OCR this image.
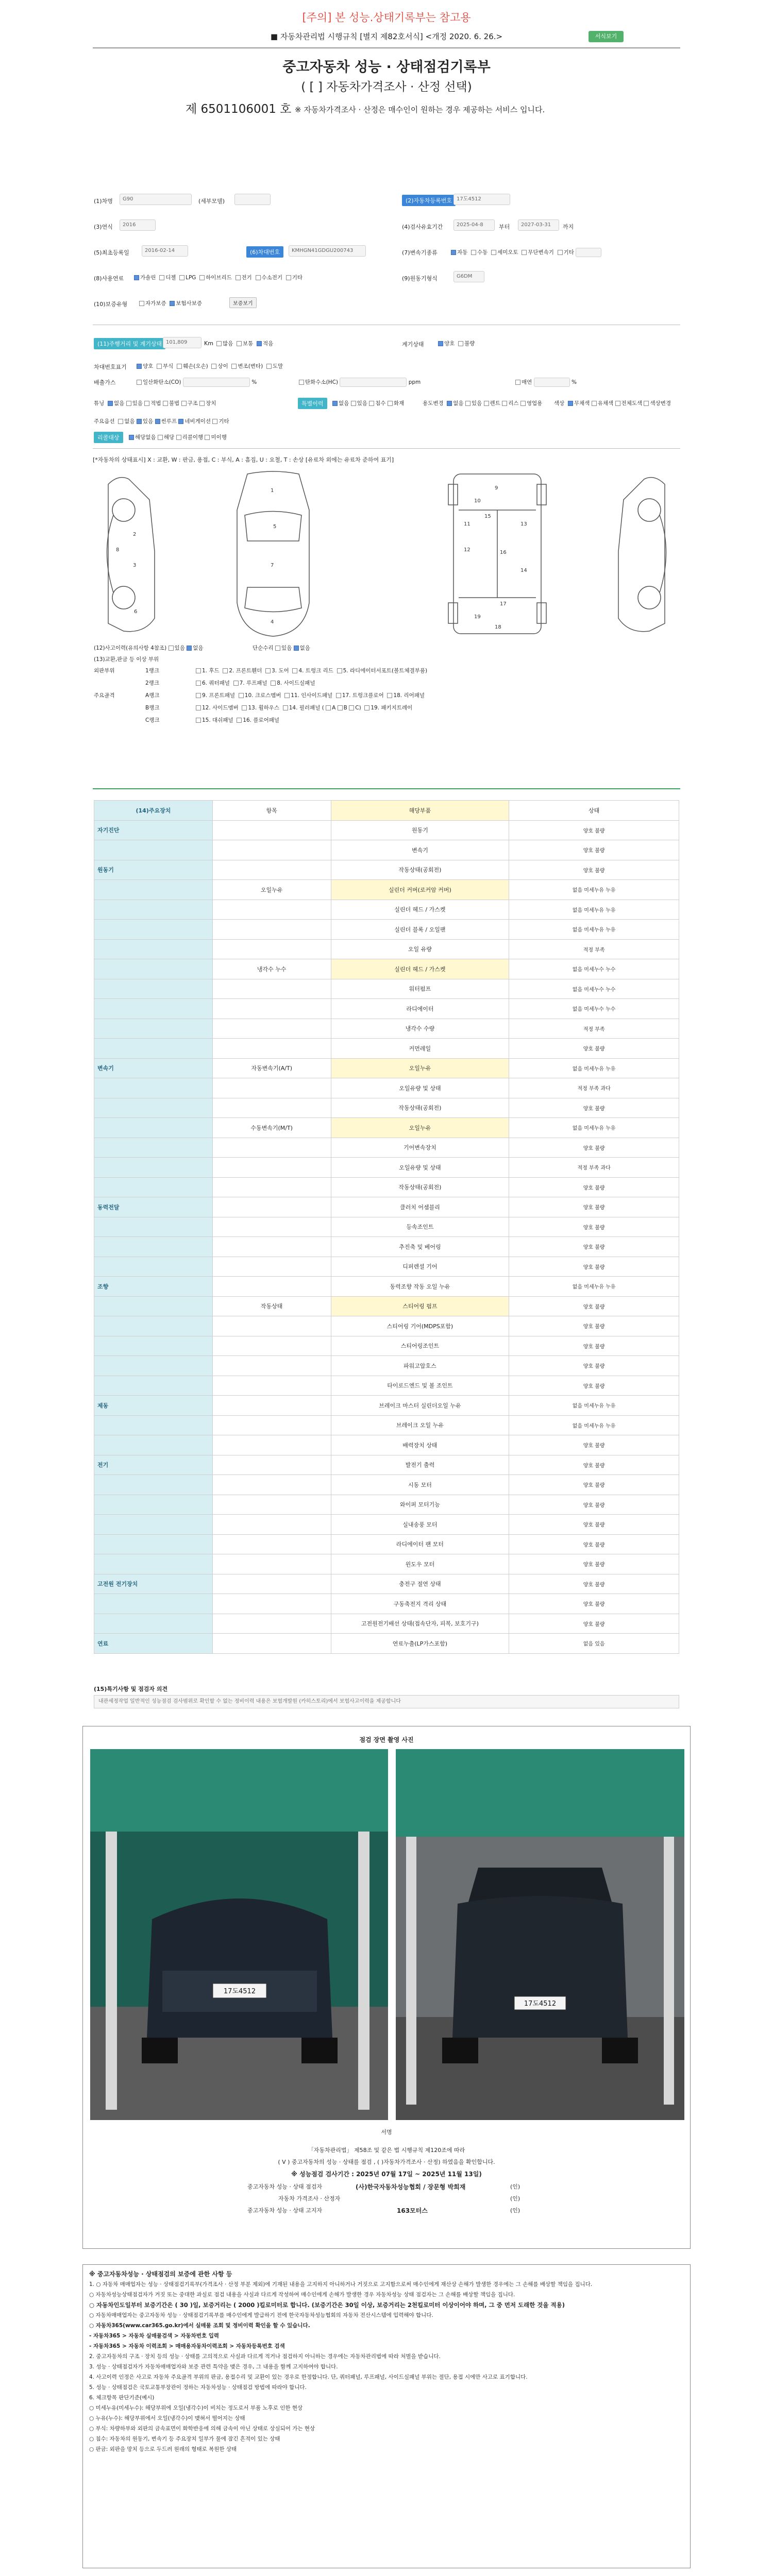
[주의] 본 성능.상태기록부는 참고용
■ 자동차관리법 시행규칙 [별지 제82호서식] <개정 2020. 6. 26.>	서식보기
중고자동차 성능 · 상태점검기록부
( [ ] 자동차가격조사 · 산정 선택)
제 6501106001 호 ※ 자동차가격조사 · 산정은 매수인이 원하는 경우 제공하는 서비스 입니다.
(1)차명	G90	(세부모델)	(2)자동차등록번호 17도4512
(3)연식	2016	(4)검사유효기간	2025-04-8	부터	2027-03-31	까지
(5)최초등록일	2016-02-14	(6)차대번호	KMHGN41GDGU200743	(7)변속기종류	자동 수동 세미오토 무단변속기 기타
(8)사용연료	가솔린 디젤 LPG 하이브리드 전기 수소전기 기타	(9)원동기형식	G6DM
(10)보증유형	자가보증 보험사보증	보증보기
(11)주행거리 및 계기상태 101,809	Km	많음 보통 적음	계기상태	양호 불량
차대번호표기	양호 부식 훼손(오손) 상이 변조(변타) 도말
배출가스	일산화탄소(CO)	%	탄화수소(HC)	ppm	매연	%
튜닝 없음 있음 적법 불법 구조 장치	특별이력	없음 있음 침수 화재	용도변경 없음 있음 렌트 리스 영업용 색상 무채색 유채색 전체도색 색상변경
주요옵션 없음 있음 썬루프 네비게이션 기타
리콜대상	해당없음 해당 리콜이행 미이행
[*자동차의 상태표시] X : 교환, W : 판금, 용접, C : 부식, A : 흠집, U : 요철, T : 손상 [유료차 외에는 유료차 준하여 표기]
1
2
3
4
5
6
7
8
9
10
11
12
13
14
15
16
17
18
19
(12)사고이력(유의사항 4참조) 있음 없음	단순수리 있음 없음
(13)교환,판금 등 이상 부위
외판부위	1랭크	1. 후드 2. 프론트휀더 3. 도어 4. 트렁크 리드 5. 라디에이터서포트(볼트체결부품)
2랭크	6. 쿼터패널 7. 루프패널 8. 사이드실패널
주요골격	A랭크	9. 프론트패널 10. 크로스멤버 11. 인사이드패널 17. 트렁크플로어 18. 리어패널
B랭크	12. 사이드멤버 13. 휠하우스 14. 필러패널 ( A B C) 19. 패키지트레이
C랭크	15. 대쉬패널 16. 플로어패널
(14)주요장치	항목	해당부품	상태
자기진단		원동기	양호 불량
		변속기	양호 불량
원동기		작동상태(공회전)	양호 불량
	오일누유	실린더 커버(로커암 커버)	없음 미세누유 누유
		실린더 헤드 / 가스켓	없음 미세누유 누유
		실린더 블록 / 오일팬	없음 미세누유 누유
		오일 유량	적정 부족
	냉각수 누수	실린더 헤드 / 가스켓	없음 미세누수 누수
		워터펌프	없음 미세누수 누수
		라디에이터	없음 미세누수 누수
		냉각수 수량	적정 부족
		커먼레일	양호 불량
변속기	자동변속기(A/T)	오일누유	없음 미세누유 누유
		오일유량 및 상태	적정 부족 과다
		작동상태(공회전)	양호 불량
	수동변속기(M/T)	오일누유	없음 미세누유 누유
		기어변속장치	양호 불량
		오일유량 및 상태	적정 부족 과다
		작동상태(공회전)	양호 불량
동력전달		클러치 어셈블리	양호 불량
		등속조인트	양호 불량
		추진축 및 베어링	양호 불량
		디퍼렌셜 기어	양호 불량
조향		동력조향 작동 오일 누유	없음 미세누유 누유
	작동상태	스티어링 펌프	양호 불량
		스티어링 기어(MDPS포함)	양호 불량
		스티어링조인트	양호 불량
		파워고압호스	양호 불량
		타이로드엔드 및 볼 조인트	양호 불량
제동		브레이크 마스터 실린더오일 누유	없음 미세누유 누유
		브레이크 오일 누유	없음 미세누유 누유
		배력장치 상태	양호 불량
전기		발전기 출력	양호 불량
		시동 모터	양호 불량
		와이퍼 모터기능	양호 불량
		실내송풍 모터	양호 불량
		라디에이터 팬 모터	양호 불량
		윈도우 모터	양호 불량
고전원 전기장치		충전구 절연 상태	양호 불량
		구동축전지 격리 상태	양호 불량
		고전원전기배선 상태(접속단자, 피복, 보호기구)	양호 불량
연료		연료누출(LP가스포함)	없음 있음
(15)특기사항 및 점검자 의견
내관세정작업 일반적인 성능점검 검사범위로 확인할 수 없는 정비이력 내용은 보험개발원 (카히스토리)에서 보험사고이력을 제공합니다
점검 장면 촬영 사진
17도4512
17도4512
서명
「자동차관리법」 제58조 및 같은 법 시행규칙 제120조에 따라
( V ) 중고자동차의 성능 · 상태를 점검 , ( )자동차가격조사 · 산정) 하였음을 확인합니다.
※ 성능점검 검사기간 : 2025년 07월 17일 ~ 2025년 11월 13일)
중고자동차 성능 · 상태 점검자	(사)한국자동차성능협회 / 장문형 박희재	(인)
자동차 가격조사 · 산정자	(인)
중고자동차 성능 · 상태 고지자	163모터스	(인)

※ 중고자동차성능 · 상태점검의 보증에 관한 사항 등

1. ○ 자동차 매매업자는 성능 · 상태점검기록부(가격조사 · 산정 부분 제외)에 기재된 내용을 고지하지 아니하거나 거짓으로 고지함으로써 매수인에게 재산상 손해가 발생한 경우에는 그 손해를 배상할 책임을 집니다.

○ 자동차성능상태점검자가 거짓 또는 중대한 과실로 점검 내용을 사실과 다르게 작성하여 매수인에게 손해가 발생한 경우 자동차성능 상태 점검자는 그 손해를 배상할 책임을 집니다.

○ 자동차인도일부터 보증기간은 ( 30 )일, 보증거리는 ( 2000 )킬로미터로 합니다. (보증기간은 30일 이상, 보증거리는 2천킬로미터 이상이어야 하며, 그 중 먼저 도래한 것을 적용)

○ 자동차매매업자는 중고자동차 성능 · 상태점검기록부를 매수인에게 발급하기 전에 한국자동차성능협회의 자동차 전산시스템에 입력해야 합니다.

○ 자동차365(www.car365.go.kr)에서 실매물 조회 및 정비이력 확인을 할 수 있습니다.

- 자동차365 > 자동차 실매물검색 > 자동차번호 입력

- 자동차365 > 자동차 이력조회 > 매매용자동차이력조회 > 자동차등록번호 검색

2. 중고자동차의 구조 · 장치 등의 성능 · 상태를 고의적으로 사실과 다르게 적거나 점검하지 아니하는 경우에는 자동차관리법에 따라 처벌을 받습니다.

3. 성능 · 상태점검자가 자동차매매업자와 보증 관련 특약을 맺은 경우, 그 내용을 함께 고지하여야 합니다.

4. 사고이력 인정은 사고로 자동차 주요골격 부위의 판금, 용접수리 및 교환이 있는 경우로 한정합니다. 단, 쿼터패널, 루프패널, 사이드실패널 부위는 절단, 용접 시에만 사고로 표기합니다.

5. 성능 · 상태점검은 국토교통부장관이 정하는 자동차성능 · 상태점검 방법에 따라야 합니다.

6. 체크항목 판단기준(예시)

○ 미세누유(미세누수): 해당부위에 오일(냉각수)이 비치는 정도로서 부품 노후로 인한 현상

○ 누유(누수): 해당부위에서 오일(냉각수)이 맺혀서 떨어지는 상태

○ 부식: 차량하부와 외판의 금속표면이 화학반응에 의해 금속이 아닌 상태로 상실되어 가는 현상

○ 침수: 자동차의 원동기, 변속기 등 주요장치 일부가 물에 잠긴 흔적이 있는 상태

○ 판금: 외판을 망치 등으로 두드려 원래의 형태로 복원한 상태
